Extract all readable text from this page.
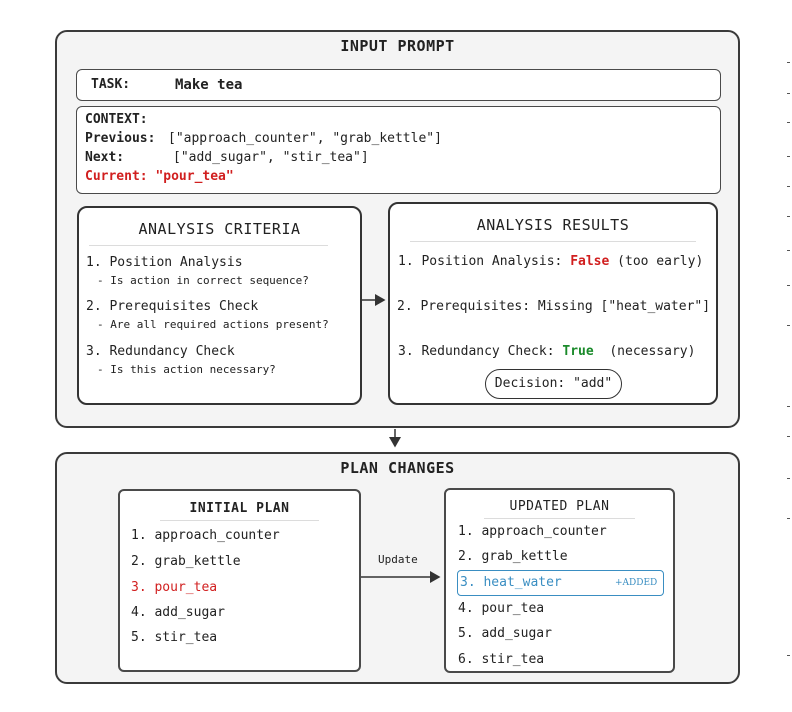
INPUT PROMPT
TASK:	Make tea
CONTEXT:
Previous: ["approach_counter", "grab_kettle"]
Next:	["add_sugar", "stir_tea"]
Current: "pour_tea"
ANALYSIS CRITERIA
1. Position Analysis
- Is action in correct sequence?
2. Prerequisites Check
- Are all required actions present?
3. Redundancy Check
- Is this action necessary?
ANALYSIS RESULTS
1. Position Analysis: False (too early)
2. Prerequisites: Missing ["heat_water"]
3. Redundancy Check: True (necessary)
Decision: "add"
PLAN CHANGES
INITIAL PLAN
1. approach_counter
2. grab_kettle
3. pour_tea
4. add_sugar
5. stir_tea
Update
UPDATED PLAN
1. approach_counter
2. grab_kettle
3. heat_water	+ADDED
4. pour_tea
5. add_sugar
6. stir_tea
